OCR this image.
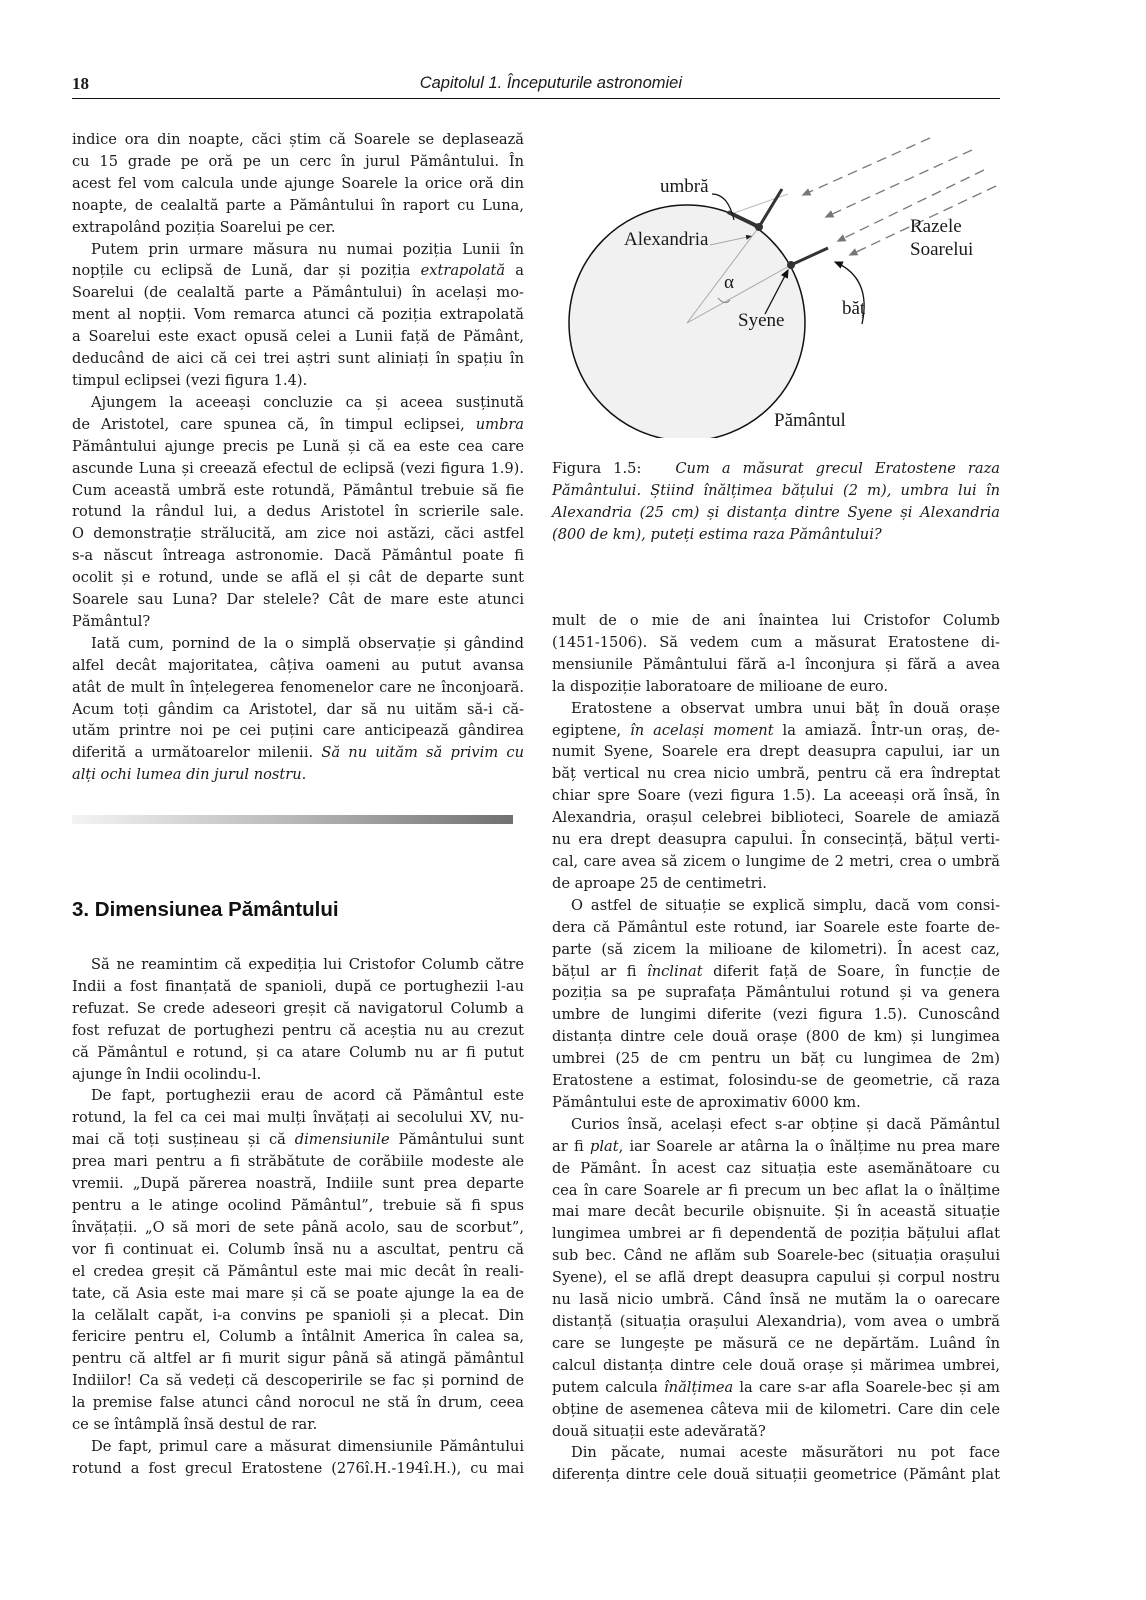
18	Capitolul 1. Începuturile astronomiei

indice ora din noapte, căci știm că Soarele se deplasează
cu 15 grade pe oră pe un cerc în jurul Pământului. În
acest fel vom calcula unde ajunge Soarele la orice oră din
noapte, de cealaltă parte a Pământului în raport cu Luna,
extrapolând poziția Soarelui pe cer.

Putem prin urmare măsura nu numai poziția Lunii în
nopțile cu eclipsă de Lună, dar și poziția extrapolată a
Soarelui (de cealaltă parte a Pământului) în același mo-
ment al nopții. Vom remarca atunci că poziția extrapolată
a Soarelui este exact opusă celei a Lunii față de Pământ,
deducând de aici că cei trei aștri sunt aliniați în spațiu în
timpul eclipsei (vezi figura 1.4).

Ajungem la aceeași concluzie ca și aceea susținută
de Aristotel, care spunea că, în timpul eclipsei, umbra
Pământului ajunge precis pe Lună și că ea este cea care
ascunde Luna și creează efectul de eclipsă (vezi figura 1.9).
Cum această umbră este rotundă, Pământul trebuie să fie
rotund la rândul lui, a dedus Aristotel în scrierile sale.
O demonstrație strălucită, am zice noi astăzi, căci astfel
s-a născut întreaga astronomie. Dacă Pământul poate fi
ocolit și e rotund, unde se află el și cât de departe sunt
Soarele sau Luna? Dar stelele? Cât de mare este atunci
Pământul?

Iată cum, pornind de la o simplă observație și gândind
alfel decât majoritatea, câțiva oameni au putut avansa
atât de mult în înțelegerea fenomenelor care ne înconjoară.
Acum toți gândim ca Aristotel, dar să nu uităm să-i că-
utăm printre noi pe cei puțini care anticipează gândirea
diferită a următoarelor milenii. Să nu uităm să privim cu
alți ochi lumea din jurul nostru.

3. Dimensiunea Pământului

Să ne reamintim că expediția lui Cristofor Columb către
Indii a fost finanțată de spanioli, după ce portughezii l-au
refuzat. Se crede adeseori greșit că navigatorul Columb a
fost refuzat de portughezi pentru că aceștia nu au crezut
că Pământul e rotund, și ca atare Columb nu ar fi putut
ajunge în Indii ocolindu-l.

De fapt, portughezii erau de acord că Pământul este
rotund, la fel ca cei mai mulți învățați ai secolului XV, nu-
mai că toți susțineau și că dimensiunile Pământului sunt
prea mari pentru a fi străbătute de corăbiile modeste ale
vremii. „După părerea noastră, Indiile sunt prea departe
pentru a le atinge ocolind Pământul”, trebuie să fi spus
învățații. „O să mori de sete până acolo, sau de scorbut”,
vor fi continuat ei. Columb însă nu a ascultat, pentru că
el credea greșit că Pământul este mai mic decât în reali-
tate, că Asia este mai mare și că se poate ajunge la ea de
la celălalt capăt, i-a convins pe spanioli și a plecat. Din
fericire pentru el, Columb a întâlnit America în calea sa,
pentru că altfel ar fi murit sigur până să atingă pământul
Indiilor! Ca să vedeți că descoperirile se fac și pornind de
la premise false atunci când norocul ne stă în drum, ceea
ce se întâmplă însă destul de rar.

De fapt, primul care a măsurat dimensiunile Pământului
rotund a fost grecul Eratostene (276î.H.-194î.H.), cu mai

umbră
Alexandria
α
Syene
Razele
Soarelui
băț
Pământul
Figura 1.5: Cum a măsurat grecul Eratostene raza
Pământului. Știind înălțimea bățului (2 m), umbra lui în
Alexandria (25 cm) și distanța dintre Syene și Alexandria
(800 de km), puteți estima raza Pământului?

mult de o mie de ani înaintea lui Cristofor Columb
(1451-1506). Să vedem cum a măsurat Eratostene di-
mensiunile Pământului fără a-l înconjura și fără a avea
la dispoziție laboratoare de milioane de euro.

Eratostene a observat umbra unui băț în două orașe
egiptene, în același moment la amiază. Într-un oraș, de-
numit Syene, Soarele era drept deasupra capului, iar un
băț vertical nu crea nicio umbră, pentru că era îndreptat
chiar spre Soare (vezi figura 1.5). La aceeași oră însă, în
Alexandria, orașul celebrei biblioteci, Soarele de amiază
nu era drept deasupra capului. În consecință, bățul verti-
cal, care avea să zicem o lungime de 2 metri, crea o umbră
de aproape 25 de centimetri.

O astfel de situație se explică simplu, dacă vom consi-
dera că Pământul este rotund, iar Soarele este foarte de-
parte (să zicem la milioane de kilometri). În acest caz,
bățul ar fi înclinat diferit față de Soare, în funcție de
poziția sa pe suprafața Pământului rotund și va genera
umbre de lungimi diferite (vezi figura 1.5). Cunoscând
distanța dintre cele două orașe (800 de km) și lungimea
umbrei (25 de cm pentru un băț cu lungimea de 2m)
Eratostene a estimat, folosindu-se de geometrie, că raza
Pământului este de aproximativ 6000 km.

Curios însă, același efect s-ar obține și dacă Pământul
ar fi plat, iar Soarele ar atârna la o înălțime nu prea mare
de Pământ. În acest caz situația este asemănătoare cu
cea în care Soarele ar fi precum un bec aflat la o înălțime
mai mare decât becurile obișnuite. Și în această situație
lungimea umbrei ar fi dependentă de poziția bățului aflat
sub bec. Când ne aflăm sub Soarele-bec (situația orașului
Syene), el se află drept deasupra capului și corpul nostru
nu lasă nicio umbră. Când însă ne mutăm la o oarecare
distanță (situația orașului Alexandria), vom avea o umbră
care se lungește pe măsură ce ne depărtăm. Luând în
calcul distanța dintre cele două orașe și mărimea umbrei,
putem calcula înălțimea la care s-ar afla Soarele-bec și am
obține de asemenea câteva mii de kilometri. Care din cele
două situații este adevărată?

Din păcate, numai aceste măsurători nu pot face
diferența dintre cele două situații geometrice (Pământ plat
